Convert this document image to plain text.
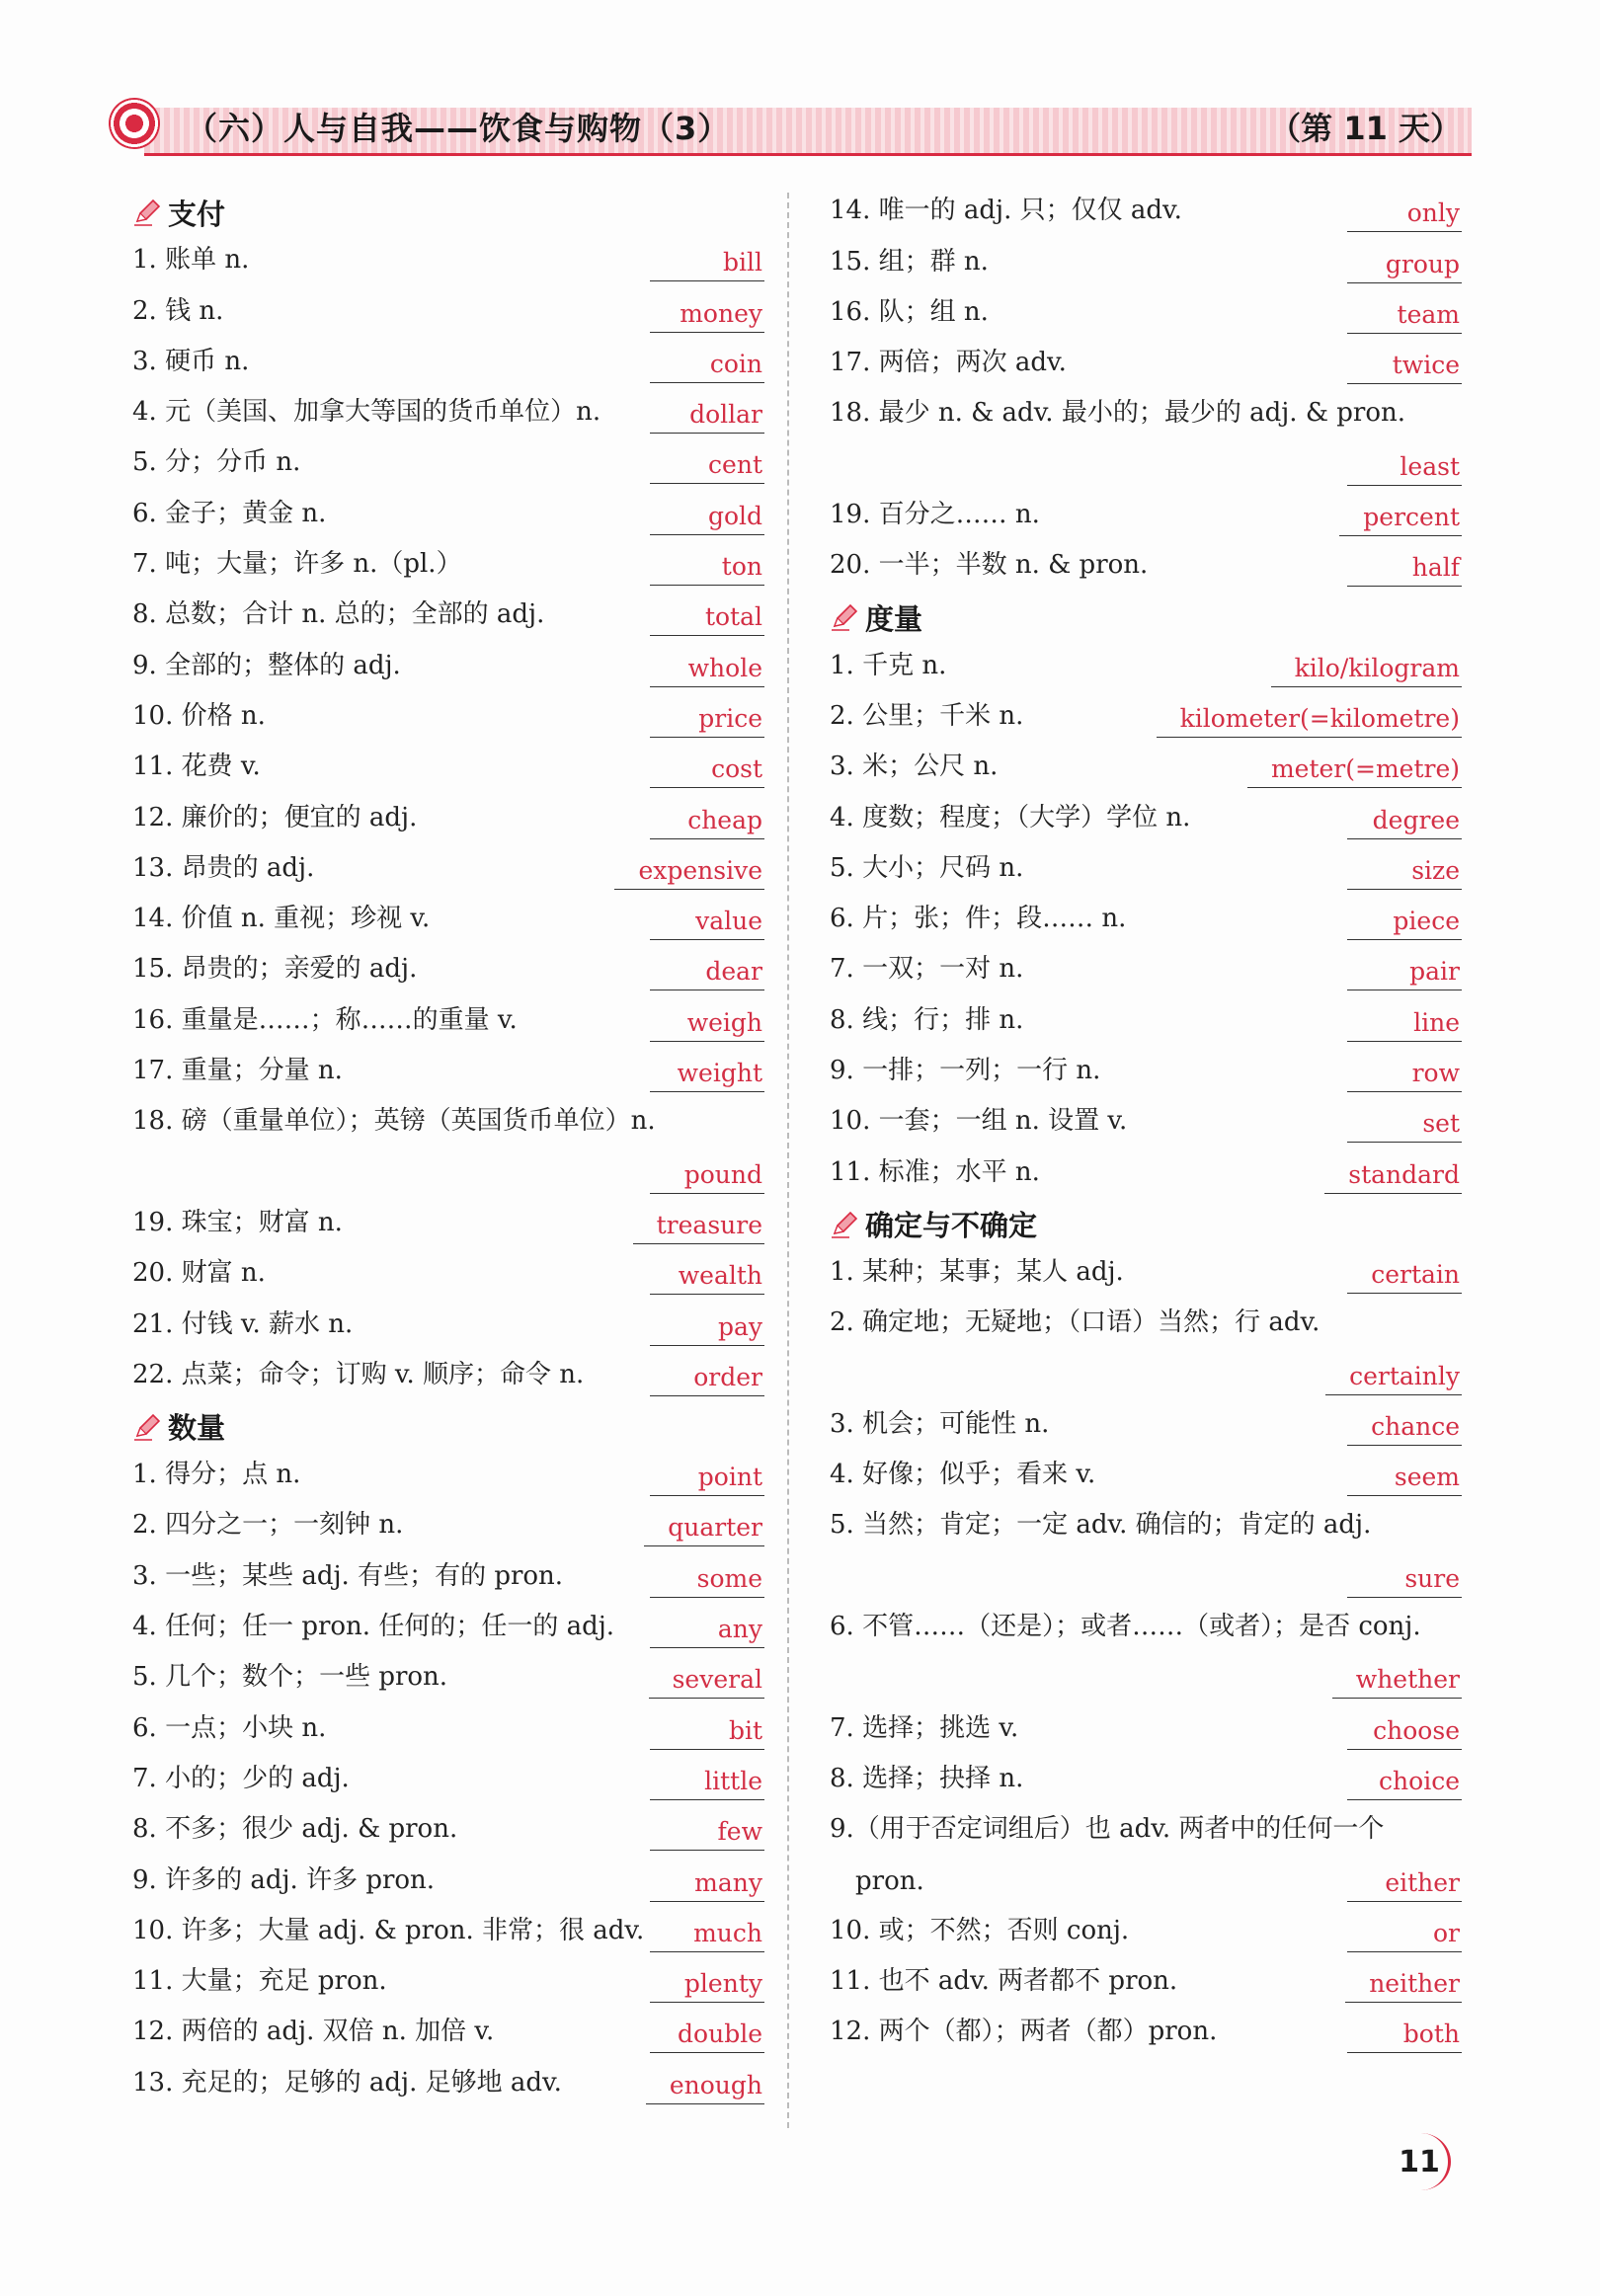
（六）人与自我——饮食与购物（3）	（第 11 天）
支付
1. 账单 n.	bill
2. 钱 n.	money
3. 硬币 n.	coin
4. 元（美国、加拿大等国的货币单位）n.	dollar
5. 分；分币 n.	cent
6. 金子；黄金 n.	gold
7. 吨；大量；许多 n.（pl.）	ton
8. 总数；合计 n. 总的；全部的 adj.	total
9. 全部的；整体的 adj.	whole
10. 价格 n.	price
11. 花费 v.	cost
12. 廉价的；便宜的 adj.	cheap
13. 昂贵的 adj.	expensive
14. 价值 n. 重视；珍视 v.	value
15. 昂贵的；亲爱的 adj.	dear
16. 重量是……；称……的重量 v.	weigh
17. 重量；分量 n.	weight
18. 磅（重量单位）；英镑（英国货币单位）n.
pound
19. 珠宝；财富 n.	treasure
20. 财富 n.	wealth
21. 付钱 v. 薪水 n.	pay
22. 点菜；命令；订购 v. 顺序；命令 n.	order
数量
1. 得分；点 n.	point
2. 四分之一；一刻钟 n.	quarter
3. 一些；某些 adj. 有些；有的 pron.	some
4. 任何；任一 pron. 任何的；任一的 adj.	any
5. 几个；数个；一些 pron.	several
6. 一点；小块 n.	bit
7. 小的；少的 adj.	little
8. 不多；很少 adj. & pron.	few
9. 许多的 adj. 许多 pron.	many
10. 许多；大量 adj. & pron. 非常；很 adv.	much
11. 大量；充足 pron.	plenty
12. 两倍的 adj. 双倍 n. 加倍 v.	double
13. 充足的；足够的 adj. 足够地 adv.	enough
14. 唯一的 adj. 只；仅仅 adv.	only
15. 组；群 n.	group
16. 队；组 n.	team
17. 两倍；两次 adv.	twice
18. 最少 n. & adv. 最小的；最少的 adj. & pron.
least
19. 百分之…… n.	percent
20. 一半；半数 n. & pron.	half
度量
1. 千克 n.	kilo/kilogram
2. 公里；千米 n.	kilometer(=kilometre)
3. 米；公尺 n.	meter(=metre)
4. 度数；程度；（大学）学位 n.	degree
5. 大小；尺码 n.	size
6. 片；张；件；段…… n.	piece
7. 一双；一对 n.	pair
8. 线；行；排 n.	line
9. 一排；一列；一行 n.	row
10. 一套；一组 n. 设置 v.	set
11. 标准；水平 n.	standard
确定与不确定
1. 某种；某事；某人 adj.	certain
2. 确定地；无疑地；（口语）当然；行 adv.
certainly
3. 机会；可能性 n.	chance
4. 好像；似乎；看来 v.	seem
5. 当然；肯定；一定 adv. 确信的；肯定的 adj.
sure
6. 不管……（还是）；或者……（或者）；是否 conj.
whether
7. 选择；挑选 v.	choose
8. 选择；抉择 n.	choice
9.（用于否定词组后）也 adv. 两者中的任何一个
pron.	either
10. 或；不然；否则 conj.	or
11. 也不 adv. 两者都不 pron.	neither
12. 两个（都）；两者（都）pron.	both
11
